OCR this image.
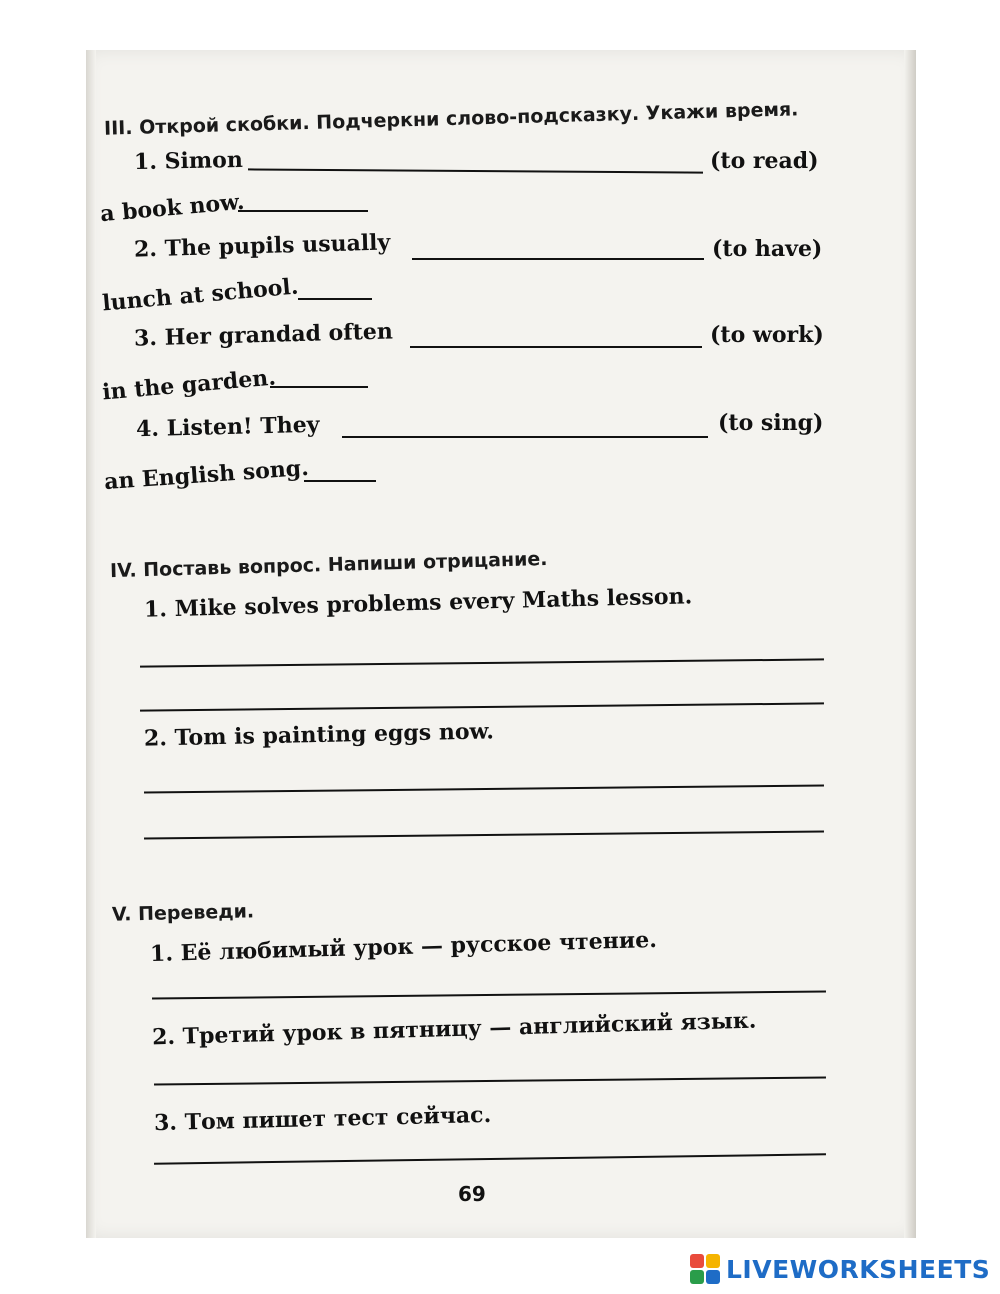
III. Открой скобки. Подчеркни слово-подсказку. Укажи время.
1. Simon	(to read)
a book now.
2. The pupils usually	(to have)
lunch at school.
3. Her grandad often	(to work)
in the garden.
4. Listen! They	(to sing)
an English song.
IV. Поставь вопрос. Напиши отрицание.
1. Mike solves problems every Maths lesson.
2. Tom is painting eggs now.
V. Переведи.
1. Её любимый урок — русское чтение.
2. Третий урок в пятницу — английский язык.
3. Том пишет тест сейчас.
69
LIVEWORKSHEETS
